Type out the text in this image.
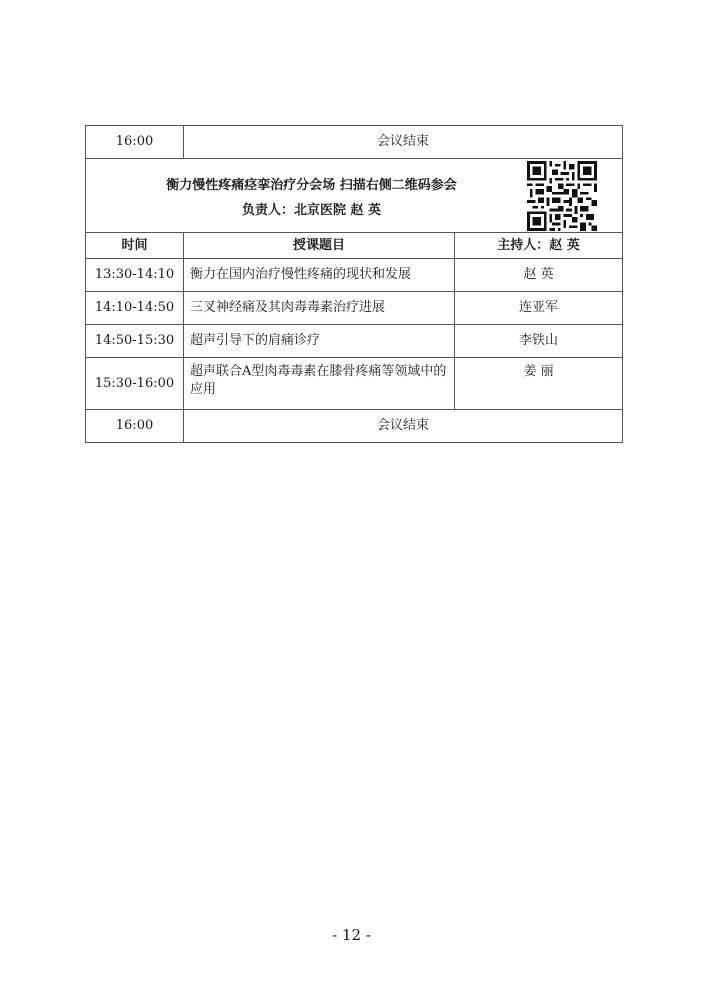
16:00	会议结束	

衡力慢性疼痛痉挛治疗分会场 扫描右侧二维码参会
负责人：北京医院 赵 英		

时间	授课题目	主持人：赵 英
13:30-14:10	衡力在国内治疗慢性疼痛的现状和发展	赵 英
14:10-14:50	三叉神经痛及其肉毒毒素治疗进展	连亚军
14:50-15:30	超声引导下的肩痛诊疗	李铁山
15:30-16:00	超声联合A型肉毒毒素在膝骨疼痛等领域中的应用	姜 丽
16:00	会议结束	
- 12 -
